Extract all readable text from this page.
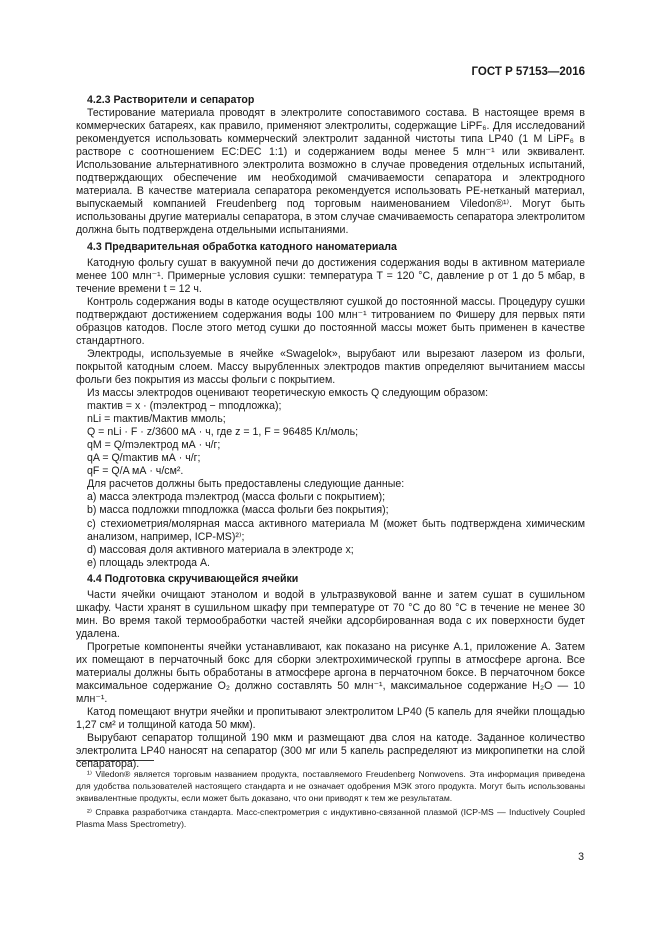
ГОСТ Р 57153—2016

4.2.3 Растворители и сепаратор

Тестирование материала проводят в электролите сопоставимого состава. В настоящее время в коммерческих батареях, как правило, применяют электролиты, содержащие LiPF₆. Для исследований рекомендуется использовать коммерческий электролит заданной чистоты типа LP40 (1 M LiPF₆ в растворе с соотношением EC:DEC 1:1) и содержанием воды менее 5 млн⁻¹ или эквивалент. Использование альтернативного электролита возможно в случае проведения отдельных испытаний, подтверждающих обеспечение им необходимой смачиваемости сепаратора и электродного материала. В качестве материала сепаратора рекомендуется использовать PE-нетканый материал, выпускаемый компанией Freudenberg под торговым наименованием Viledon®¹⁾. Могут быть использованы другие материалы сепаратора, в этом случае смачиваемость сепаратора электролитом должна быть подтверждена отдельными испытаниями.

4.3 Предварительная обработка катодного наноматериала

Катодную фольгу сушат в вакуумной печи до достижения содержания воды в активном материале менее 100 млн⁻¹. Примерные условия сушки: температура T = 120 °C, давление p от 1 до 5 мбар, в течение времени t = 12 ч.

Контроль содержания воды в катоде осуществляют сушкой до постоянной массы. Процедуру сушки подтверждают достижением содержания воды 100 млн⁻¹ титрованием по Фишеру для первых пяти образцов катодов. После этого метод сушки до постоянной массы может быть применен в качестве стандартного.

Электроды, используемые в ячейке «Swagelok», вырубают или вырезают лазером из фольги, покрытой катодным слоем. Массу вырубленных электродов mактив определяют вычитанием массы фольги без покрытия из массы фольги с покрытием.

Из массы электродов оценивают теоретическую емкость Q следующим образом:

mактив = x · (mэлектрод − mподложка);
nLi = mактив/Mактив ммоль;
Q = nLi · F · z/3600 мА · ч, где z = 1, F = 96485 Кл/моль;
qM = Q/mэлектрод мА · ч/г;
qA = Q/mактив мА · ч/г;
qF = Q/A мА · ч/см².

Для расчетов должны быть предоставлены следующие данные:

а) масса электрода mэлектрод (масса фольги с покрытием);
b) масса подложки mподложка (масса фольги без покрытия);
с) стехиометрия/молярная масса активного материала M (может быть подтверждена химическим анализом, например, ICP-MS)²⁾;
d) массовая доля активного материала в электроде x;
е) площадь электрода A.

4.4 Подготовка скручивающейся ячейки

Части ячейки очищают этанолом и водой в ультразвуковой ванне и затем сушат в сушильном шкафу. Части хранят в сушильном шкафу при температуре от 70 °C до 80 °C в течение не менее 30 мин. Во время такой термообработки частей ячейки адсорбированная вода с их поверхности будет удалена.

Прогретые компоненты ячейки устанавливают, как показано на рисунке А.1, приложение А. Затем их помещают в перчаточный бокс для сборки электрохимической группы в атмосфере аргона. Все материалы должны быть обработаны в атмосфере аргона в перчаточном боксе. В перчаточном боксе максимальное содержание O₂ должно составлять 50 млн⁻¹, максимальное содержание H₂O — 10 млн⁻¹.

Катод помещают внутри ячейки и пропитывают электролитом LP40 (5 капель для ячейки площадью 1,27 см² и толщиной катода 50 мкм).

Вырубают сепаратор толщиной 190 мкм и размещают два слоя на катоде. Заданное количество электролита LP40 наносят на сепаратор (300 мг или 5 капель распределяют из микропипетки на слой сепаратора).

¹⁾ Viledon® является торговым названием продукта, поставляемого Freudenberg Nonwovens. Эта информация приведена для удобства пользователей настоящего стандарта и не означает одобрения МЭК этого продукта. Могут быть использованы эквивалентные продукты, если может быть доказано, что они приводят к тем же результатам.

²⁾ Справка разработчика стандарта. Масс-спектрометрия с индуктивно-связанной плазмой (ICP-MS — Inductively Coupled Plasma Mass Spectrometry).

3
